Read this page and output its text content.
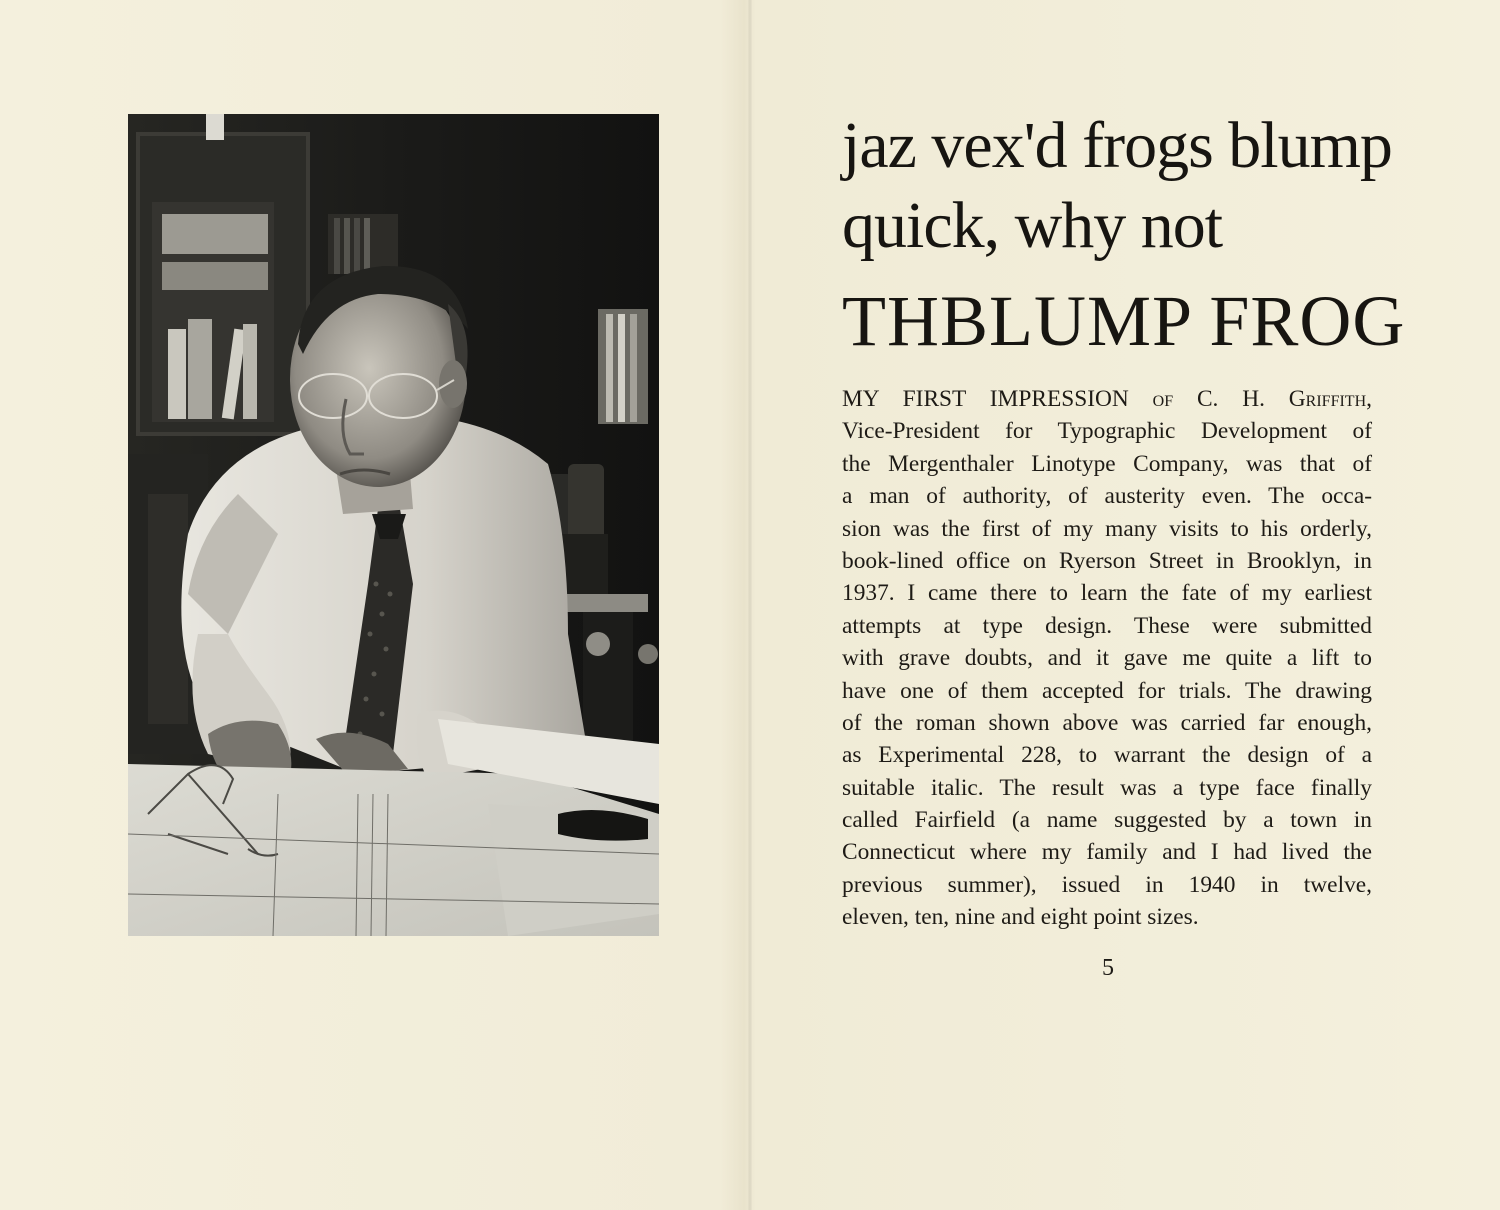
jaz vex'd frogs blump
quick, why not
THBLUMP FROG
MY FIRST IMPRESSION of C. H. Griffith,
Vice-President for Typographic Development of
the Mergenthaler Linotype Company, was that of
a man of authority, of austerity even. The occa-
sion was the first of my many visits to his orderly,
book-lined office on Ryerson Street in Brooklyn, in
1937. I came there to learn the fate of my earliest
attempts at type design. These were submitted
with grave doubts, and it gave me quite a lift to
have one of them accepted for trials. The drawing
of the roman shown above was carried far enough,
as Experimental 228, to warrant the design of a
suitable italic. The result was a type face finally
called Fairfield (a name suggested by a town in
Connecticut where my family and I had lived the
previous summer), issued in 1940 in twelve,
eleven, ten, nine and eight point sizes.
5
